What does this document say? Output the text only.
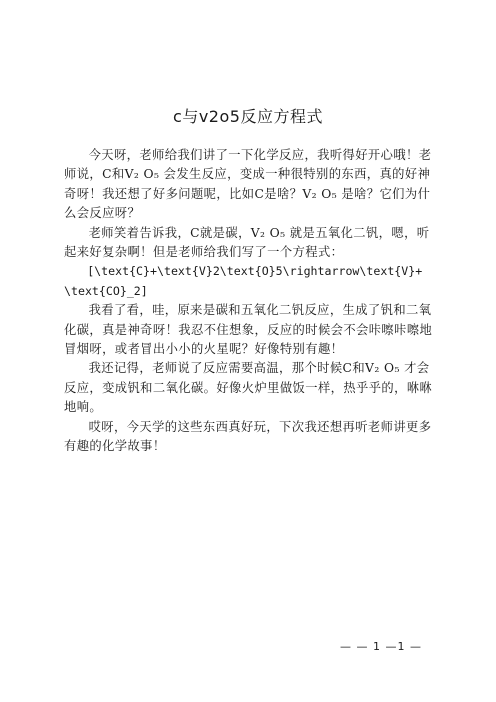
c与v2o5反应方程式

今天呀，老师给我们讲了一下化学反应，我听得好开心哦！老师说，C和V₂ O₅ 会发生反应，变成一种很特别的东西，真的好神奇呀！我还想了好多问题呢，比如C是啥？V₂ O₅ 是啥？它们为什么会反应呀？

老师笑着告诉我，C就是碳，V₂ O₅ 就是五氧化二钒，嗯，听起来好复杂啊！但是老师给我们写了一个方程式：

[\text{C}+\text{V}2\text{O}5\rightarrow\text{V}+\text{CO}_2]

我看了看，哇，原来是碳和五氧化二钒反应，生成了钒和二氧化碳，真是神奇呀！我忍不住想象，反应的时候会不会咔嚓咔嚓地冒烟呀，或者冒出小小的火星呢？好像特别有趣！

我还记得，老师说了反应需要高温，那个时候C和V₂ O₅ 才会反应，变成钒和二氧化碳。好像火炉里做饭一样，热乎乎的，咻咻地响。

哎呀，今天学的这些东西真好玩，下次我还想再听老师讲更多有趣的化学故事！

— — 1 —1 —
